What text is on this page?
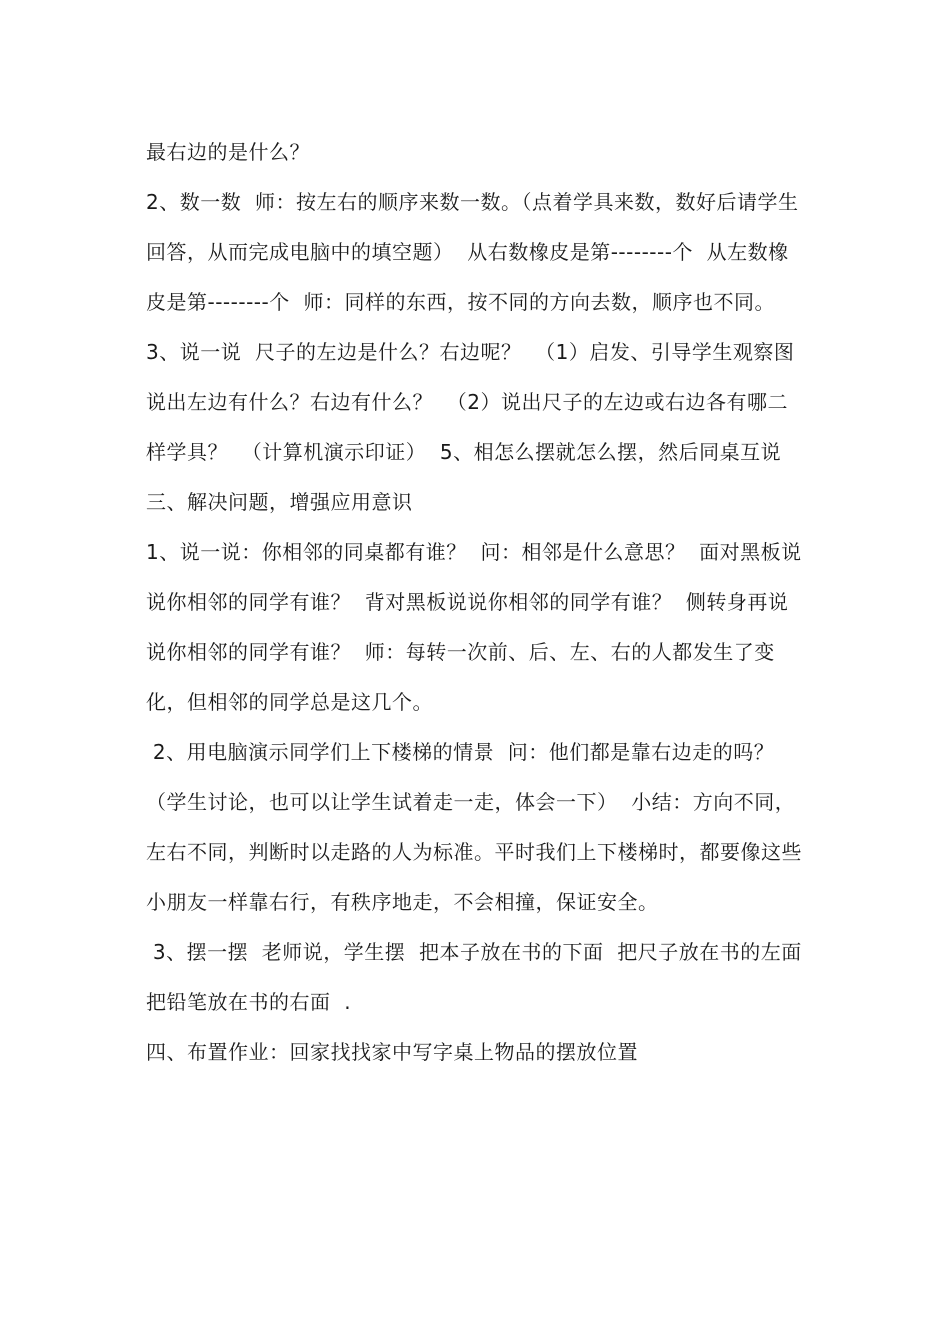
最右边的是什么？

2、数一数  师：按左右的顺序来数一数。（点着学具来数，数好后请学生回答，从而完成电脑中的填空题）  从右数橡皮是第--------个  从左数橡皮是第--------个  师：同样的东西，按不同的方向去数，顺序也不同。

3、说一说  尺子的左边是什么？右边呢？  （1）启发、引导学生观察图说出左边有什么？右边有什么？  （2）说出尺子的左边或右边各有哪二样学具？  （计算机演示印证）  5、相怎么摆就怎么摆，然后同桌互说

三、解决问题，增强应用意识

1、说一说：你相邻的同桌都有谁？  问：相邻是什么意思？  面对黑板说说你相邻的同学有谁？  背对黑板说说你相邻的同学有谁？  侧转身再说说你相邻的同学有谁？  师：每转一次前、后、左、右的人都发生了变化，但相邻的同学总是这几个。

2、用电脑演示同学们上下楼梯的情景  问：他们都是靠右边走的吗？（学生讨论，也可以让学生试着走一走，体会一下）  小结：方向不同，左右不同，判断时以走路的人为标准。平时我们上下楼梯时，都要像这些小朋友一样靠右行，有秩序地走，不会相撞，保证安全。

3、摆一摆  老师说，学生摆  把本子放在书的下面  把尺子放在书的左面  把铅笔放在书的右面  .

四、布置作业：回家找找家中写字桌上物品的摆放位置
